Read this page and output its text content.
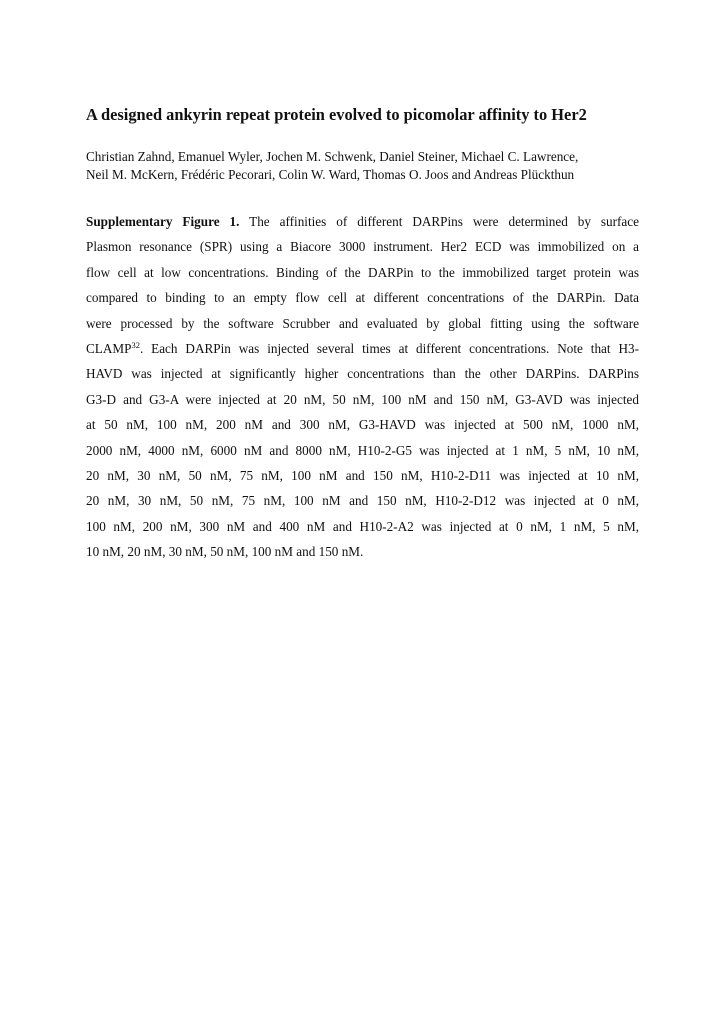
A designed ankyrin repeat protein evolved to picomolar affinity to Her2

Christian Zahnd, Emanuel Wyler, Jochen M. Schwenk, Daniel Steiner, Michael C. Lawrence,
Neil M. McKern, Frédéric Pecorari, Colin W. Ward, Thomas O. Joos and Andreas Plückthun

Supplementary Figure 1. The affinities of different DARPins were determined by surface
Plasmon resonance (SPR) using a Biacore 3000 instrument. Her2 ECD was immobilized on a
flow cell at low concentrations. Binding of the DARPin to the immobilized target protein was
compared to binding to an empty flow cell at different concentrations of the DARPin. Data
were processed by the software Scrubber and evaluated by global fitting using the software
CLAMP$^{32}$. Each DARPin was injected several times at different concentrations. Note that H3-
HAVD was injected at significantly higher concentrations than the other DARPins. DARPins
G3-D and G3-A were injected at 20 nM, 50 nM, 100 nM and 150 nM, G3-AVD was injected
at 50 nM, 100 nM, 200 nM and 300 nM, G3-HAVD was injected at 500 nM, 1000 nM,
2000 nM, 4000 nM, 6000 nM and 8000 nM, H10-2-G5 was injected at 1 nM, 5 nM, 10 nM,
20 nM, 30 nM, 50 nM, 75 nM, 100 nM and 150 nM, H10-2-D11 was injected at 10 nM,
20 nM, 30 nM, 50 nM, 75 nM, 100 nM and 150 nM, H10-2-D12 was injected at 0 nM,
100 nM, 200 nM, 300 nM and 400 nM and H10-2-A2 was injected at 0 nM, 1 nM, 5 nM,
10 nM, 20 nM, 30 nM, 50 nM, 100 nM and 150 nM.
